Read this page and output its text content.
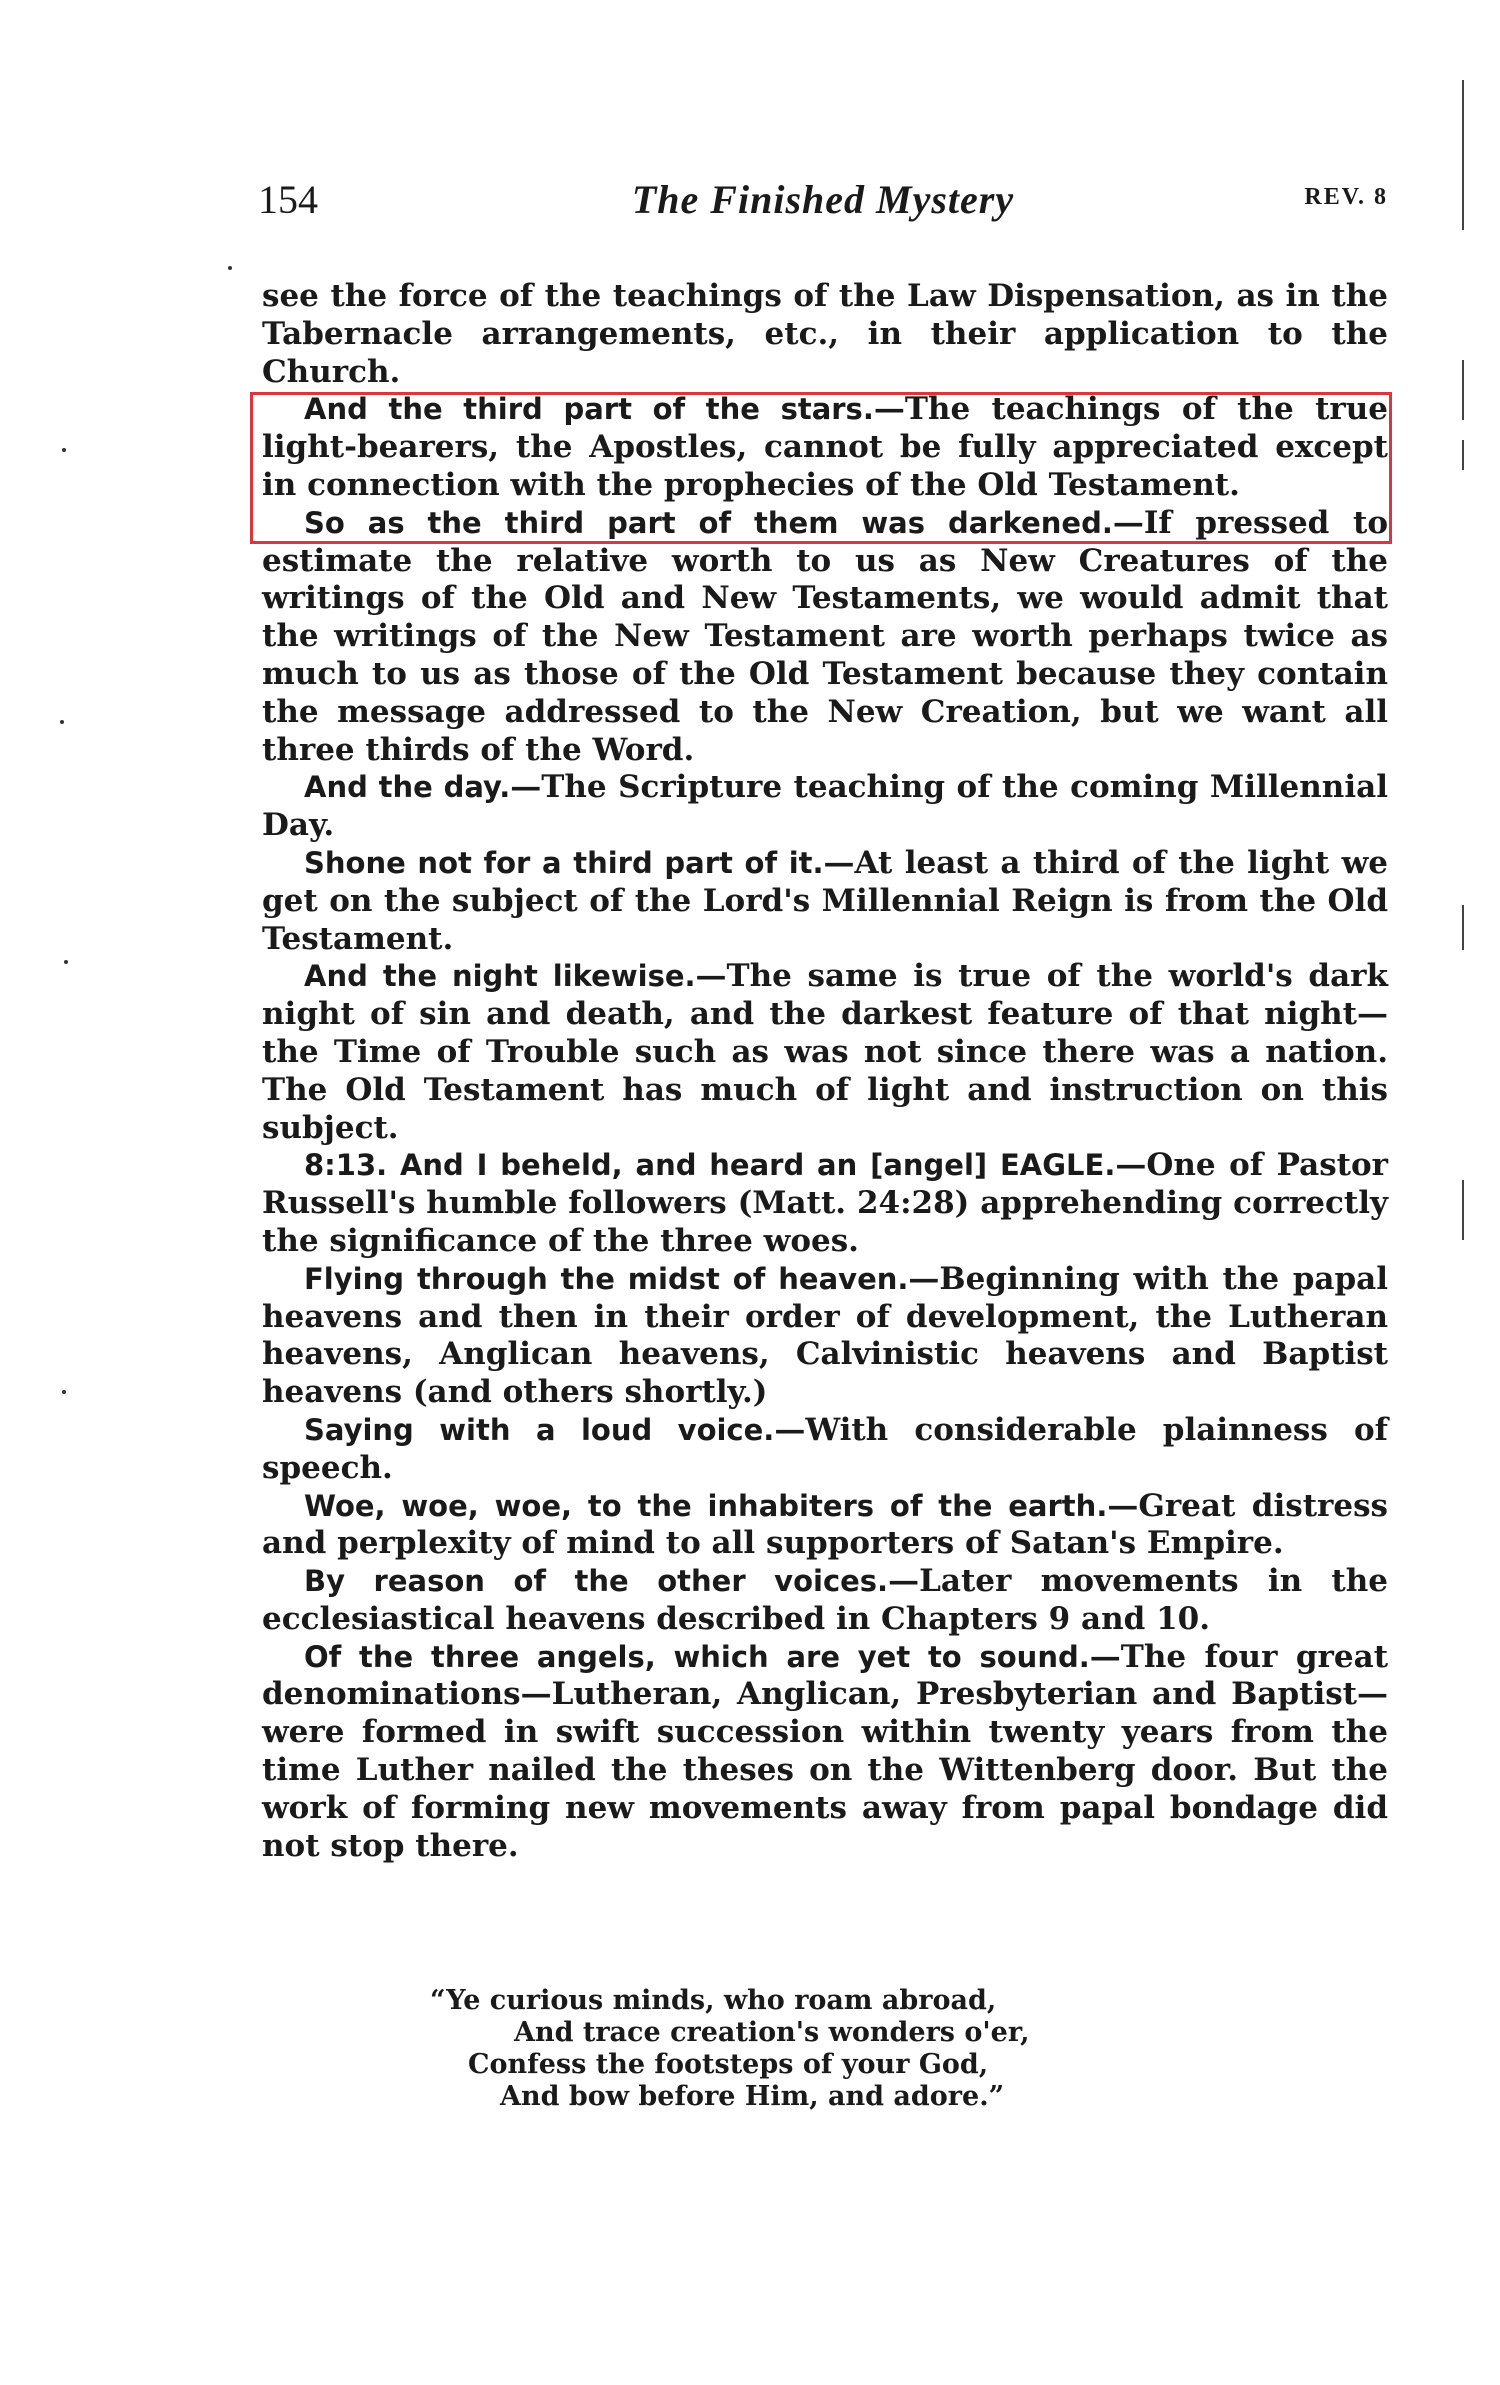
154	The Finished Mystery	REV. 8

see the force of the teachings of the Law Dispensation, as in the Tabernacle arrangements, etc., in their application to the Church.

And the third part of the stars.—The teachings of the true light-bearers, the Apostles, cannot be fully appreciated except in connection with the prophecies of the Old Testament.

So as the third part of them was darkened.—If pressed to estimate the relative worth to us as New Creatures of the writings of the Old and New Testaments, we would admit that the writings of the New Testament are worth perhaps twice as much to us as those of the Old Testament because they contain the message addressed to the New Creation, but we want all three thirds of the Word.

And the day.—The Scripture teaching of the coming Millennial Day.

Shone not for a third part of it.—At least a third of the light we get on the subject of the Lord's Millennial Reign is from the Old Testament.

And the night likewise.—The same is true of the world's dark night of sin and death, and the darkest feature of that night—the Time of Trouble such as was not since there was a nation. The Old Testament has much of light and instruction on this subject.

8:13. And I beheld, and heard an [angel] EAGLE.—One of Pastor Russell's humble followers (Matt. 24:28) apprehending correctly the significance of the three woes.

Flying through the midst of heaven.—Beginning with the papal heavens and then in their order of development, the Lutheran heavens, Anglican heavens, Calvinistic heavens and Baptist heavens (and others shortly.)

Saying with a loud voice.—With considerable plainness of speech.

Woe, woe, woe, to the inhabiters of the earth.—Great distress and perplexity of mind to all supporters of Satan's Empire.

By reason of the other voices.—Later movements in the ecclesiastical heavens described in Chapters 9 and 10.

Of the three angels, which are yet to sound.—The four great denominations—Lutheran, Anglican, Presbyterian and Baptist—were formed in swift succession within twenty years from the time Luther nailed the theses on the Wittenberg door. But the work of forming new movements away from papal bondage did not stop there.

“Ye curious minds, who roam abroad,
And trace creation's wonders o'er,
Confess the footsteps of your God,
And bow before Him, and adore.”
